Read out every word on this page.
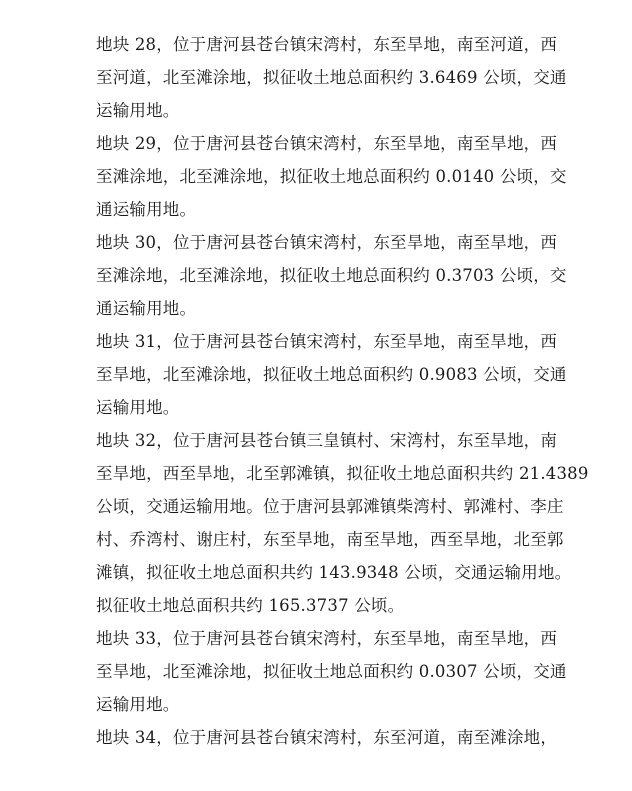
地块 28，位于唐河县苍台镇宋湾村，东至旱地，南至河道，西
至河道，北至滩涂地，拟征收土地总面积约 3.6469 公顷，交通
运输用地。
地块 29，位于唐河县苍台镇宋湾村，东至旱地，南至旱地，西
至滩涂地，北至滩涂地，拟征收土地总面积约 0.0140 公顷，交
通运输用地。
地块 30，位于唐河县苍台镇宋湾村，东至旱地，南至旱地，西
至滩涂地，北至滩涂地，拟征收土地总面积约 0.3703 公顷，交
通运输用地。
地块 31，位于唐河县苍台镇宋湾村，东至旱地，南至旱地，西
至旱地，北至滩涂地，拟征收土地总面积约 0.9083 公顷，交通
运输用地。
地块 32，位于唐河县苍台镇三皇镇村、宋湾村，东至旱地，南
至旱地，西至旱地，北至郭滩镇，拟征收土地总面积共约 21.4389
公顷，交通运输用地。位于唐河县郭滩镇柴湾村、郭滩村、李庄
村、乔湾村、谢庄村，东至旱地，南至旱地，西至旱地，北至郭
滩镇，拟征收土地总面积共约 143.9348 公顷，交通运输用地。
拟征收土地总面积共约 165.3737 公顷。
地块 33，位于唐河县苍台镇宋湾村，东至旱地，南至旱地，西
至旱地，北至滩涂地，拟征收土地总面积约 0.0307 公顷，交通
运输用地。
地块 34，位于唐河县苍台镇宋湾村，东至河道，南至滩涂地，
